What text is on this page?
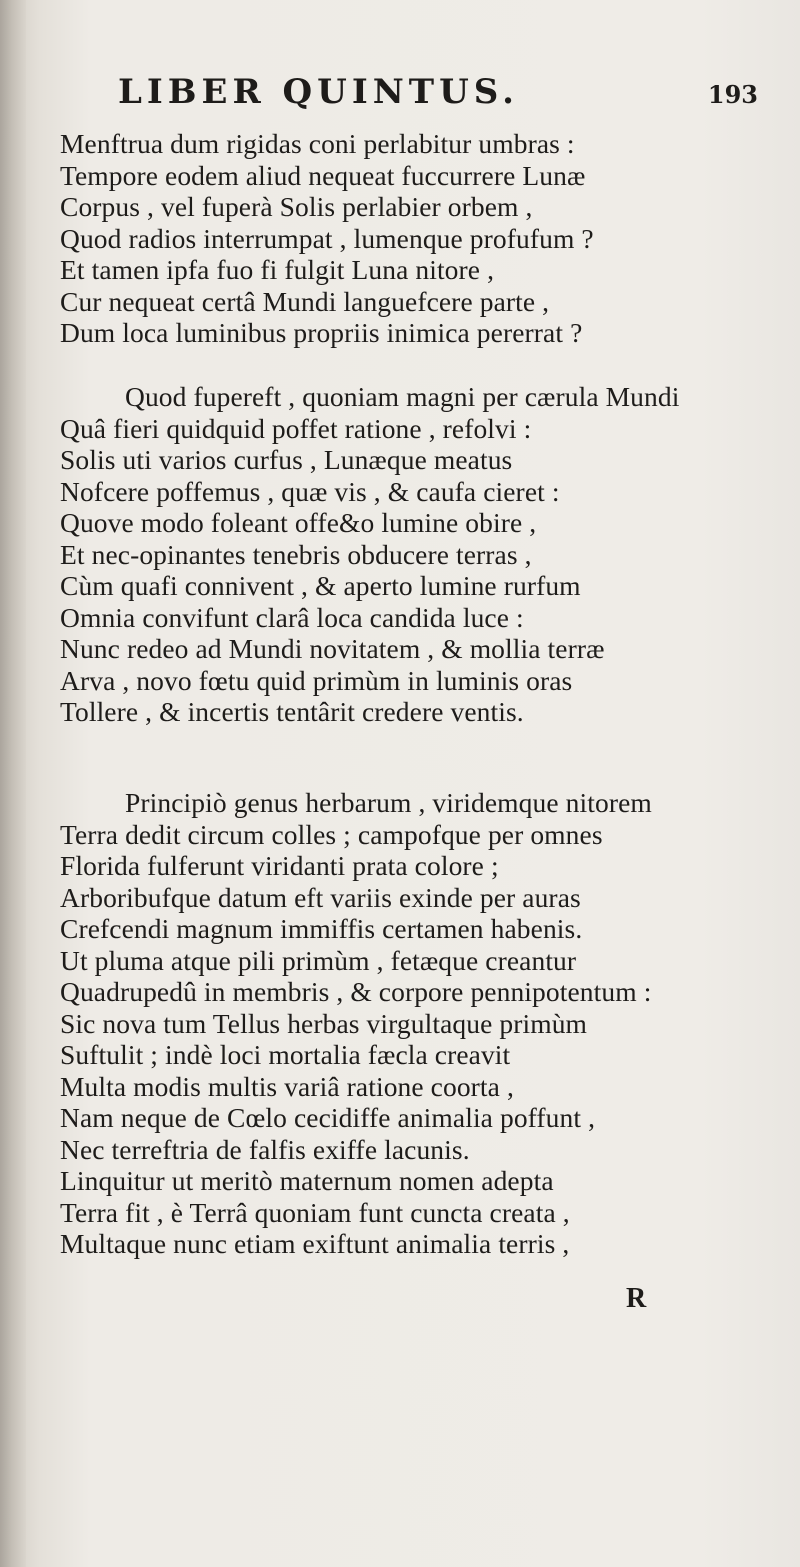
LIBER QUINTUS.	193
Menftrua dum rigidas coni perlabitur umbras :
Tempore eodem aliud nequeat fuccurrere Lunæ
Corpus , vel fuperà Solis perlabier orbem ,
Quod radios interrumpat , lumenque profufum ?
Et tamen ipfa fuo fi fulgit Luna nitore ,
Cur nequeat certâ Mundi languefcere parte ,
Dum loca luminibus propriis inimica pererrat ?
Quod fupereft , quoniam magni per cærula Mundi
Quâ fieri quidquid poffet ratione , refolvi :
Solis uti varios curfus , Lunæque meatus
Nofcere poffemus , quæ vis , & caufa cieret :
Quove modo foleant offe&o lumine obire ,
Et nec-opinantes tenebris obducere terras ,
Cùm quafi connivent , & aperto lumine rurfum
Omnia convifunt clarâ loca candida luce :
Nunc redeo ad Mundi novitatem , & mollia terræ
Arva , novo fœtu quid primùm in luminis oras
Tollere , & incertis tentârit credere ventis.
Principiò genus herbarum , viridemque nitorem
Terra dedit circum colles ; campofque per omnes
Florida fulferunt viridanti prata colore ;
Arboribufque datum eft variis exinde per auras
Crefcendi magnum immiffis certamen habenis.
Ut pluma atque pili primùm , fetæque creantur
Quadrupedû in membris , & corpore pennipotentum :
Sic nova tum Tellus herbas virgultaque primùm
Suftulit ; indè loci mortalia fæcla creavit
Multa modis multis variâ ratione coorta ,
Nam neque de Cœlo cecidiffe animalia poffunt ,
Nec terreftria de falfis exiffe lacunis.
Linquitur ut meritò maternum nomen adepta
Terra fit , è Terrâ quoniam funt cuncta creata ,
Multaque nunc etiam exiftunt animalia terris ,
R
